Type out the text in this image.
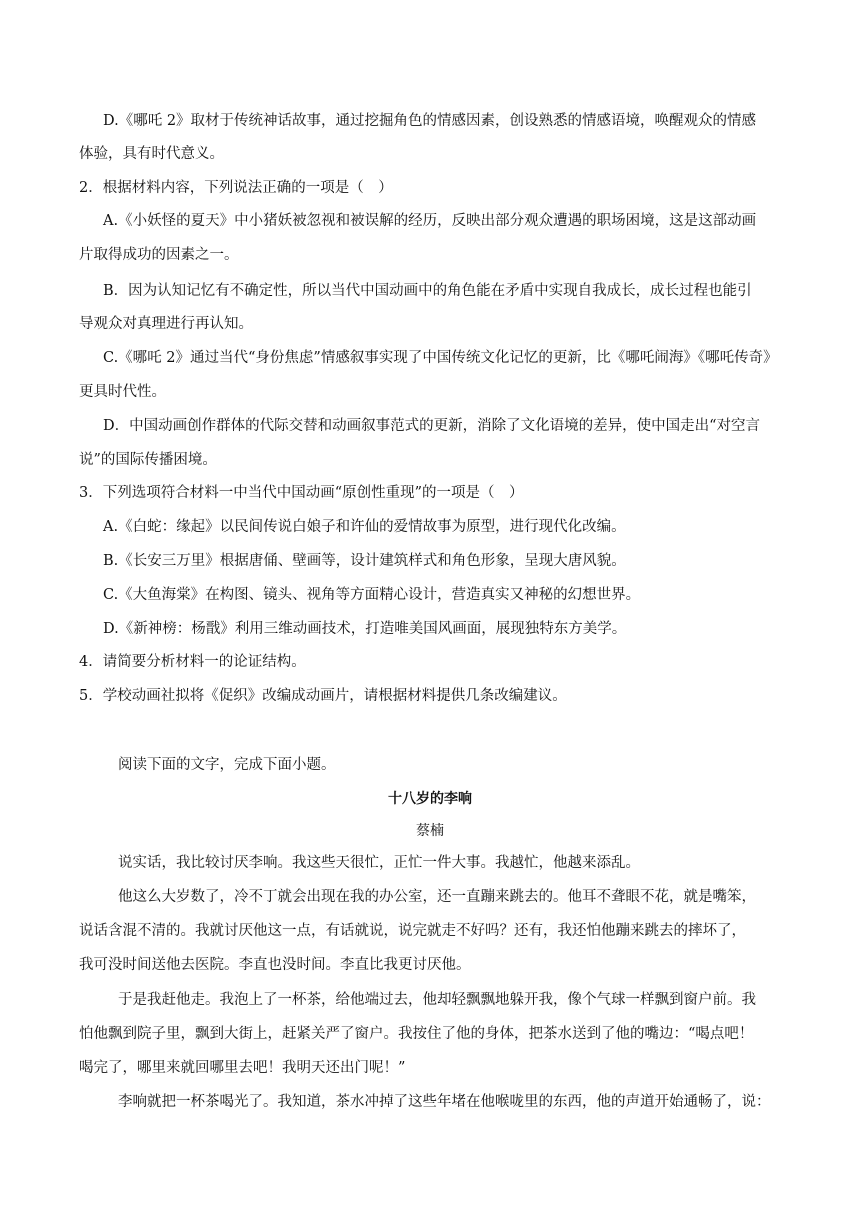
D.《哪吒 2》取材于传统神话故事，通过挖掘角色的情感因素，创设熟悉的情感语境，唤醒观众的情感
体验，具有时代意义。
2．根据材料内容，下列说法正确的一项是（　）
A.《小妖怪的夏天》中小猪妖被忽视和被误解的经历，反映出部分观众遭遇的职场困境，这是这部动画
片取得成功的因素之一。
B．因为认知记忆有不确定性，所以当代中国动画中的角色能在矛盾中实现自我成长，成长过程也能引
导观众对真理进行再认知。
C.《哪吒 2》通过当代“身份焦虑”情感叙事实现了中国传统文化记忆的更新，比《哪吒闹海》《哪吒传奇》
更具时代性。
D．中国动画创作群体的代际交替和动画叙事范式的更新，消除了文化语境的差异，使中国走出“对空言
说”的国际传播困境。
3．下列选项符合材料一中当代中国动画“原创性重现”的一项是（　）
A.《白蛇：缘起》以民间传说白娘子和许仙的爱情故事为原型，进行现代化改编。
B.《长安三万里》根据唐俑、壁画等，设计建筑样式和角色形象，呈现大唐风貌。
C.《大鱼海棠》在构图、镜头、视角等方面精心设计，营造真实又神秘的幻想世界。
D.《新神榜：杨戬》利用三维动画技术，打造唯美国风画面，展现独特东方美学。
4．请简要分析材料一的论证结构。
5．学校动画社拟将《促织》改编成动画片，请根据材料提供几条改编建议。
阅读下面的文字，完成下面小题。
十八岁的李响
蔡楠
说实话，我比较讨厌李响。我这些天很忙，正忙一件大事。我越忙，他越来添乱。
他这么大岁数了，冷不丁就会出现在我的办公室，还一直蹦来跳去的。他耳不聋眼不花，就是嘴笨，
说话含混不清的。我就讨厌他这一点，有话就说，说完就走不好吗？还有，我还怕他蹦来跳去的摔坏了，
我可没时间送他去医院。李直也没时间。李直比我更讨厌他。
于是我赶他走。我泡上了一杯茶，给他端过去，他却轻飘飘地躲开我，像个气球一样飘到窗户前。我
怕他飘到院子里，飘到大街上，赶紧关严了窗户。我按住了他的身体，把茶水送到了他的嘴边：“喝点吧！
喝完了，哪里来就回哪里去吧！我明天还出门呢！”
李响就把一杯茶喝光了。我知道，茶水冲掉了这些年堵在他喉咙里的东西，他的声道开始通畅了，说：
